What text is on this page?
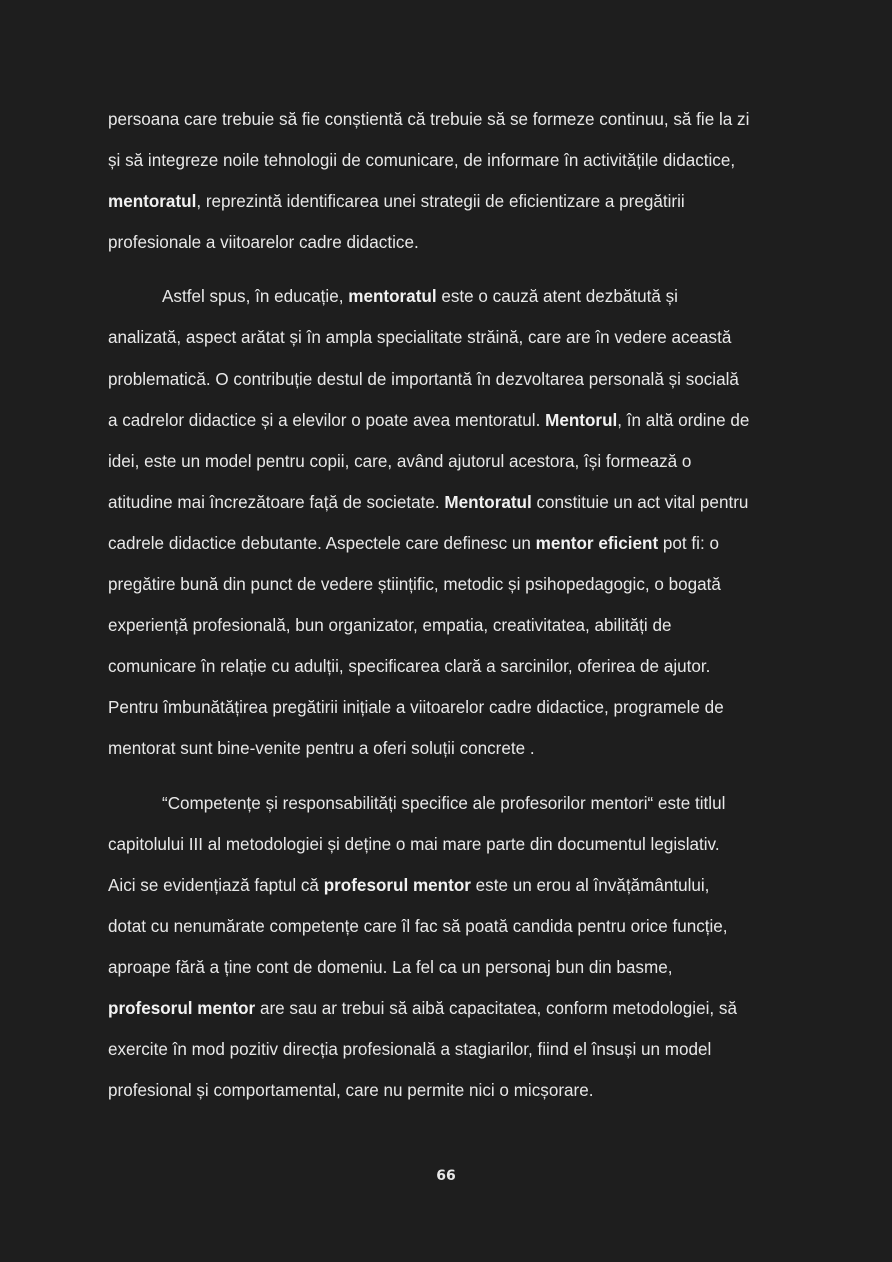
persoana care trebuie să fie conștientă că trebuie să se formeze continuu, să fie la zi
și să integreze noile tehnologii de comunicare, de informare în activitățile didactice,
mentoratul, reprezintă identificarea unei strategii de eficientizare a pregătirii
profesionale a viitoarelor cadre didactice.
Astfel spus, în educație, mentoratul este o cauză atent dezbătută și
analizată, aspect arătat și în ampla specialitate străină, care are în vedere această
problematică. O contribuție destul de importantă în dezvoltarea personală și socială
a cadrelor didactice și a elevilor o poate avea mentoratul. Mentorul, în altă ordine de
idei, este un model pentru copii, care, având ajutorul acestora, își formează o
atitudine mai încrezătoare față de societate. Mentoratul constituie un act vital pentru
cadrele didactice debutante. Aspectele care definesc un mentor eficient pot fi: o
pregătire bună din punct de vedere științific, metodic și psihopedagogic, o bogată
experiență profesională, bun organizator, empatia, creativitatea, abilități de
comunicare în relație cu adulții, specificarea clară a sarcinilor, oferirea de ajutor.
Pentru îmbunătățirea pregătirii inițiale a viitoarelor cadre didactice, programele de
mentorat sunt bine-venite pentru a oferi soluții concrete .
“Competențe și responsabilități specifice ale profesorilor mentori“ este titlul
capitolului III al metodologiei și deține o mai mare parte din documentul legislativ.
Aici se evidențiază faptul că profesorul mentor este un erou al învățământului,
dotat cu nenumărate competențe care îl fac să poată candida pentru orice funcție,
aproape fără a ține cont de domeniu. La fel ca un personaj bun din basme,
profesorul mentor are sau ar trebui să aibă capacitatea, conform metodologiei, să
exercite în mod pozitiv direcția profesională a stagiarilor, fiind el însuși un model
profesional și comportamental, care nu permite nici o micșorare.
66
